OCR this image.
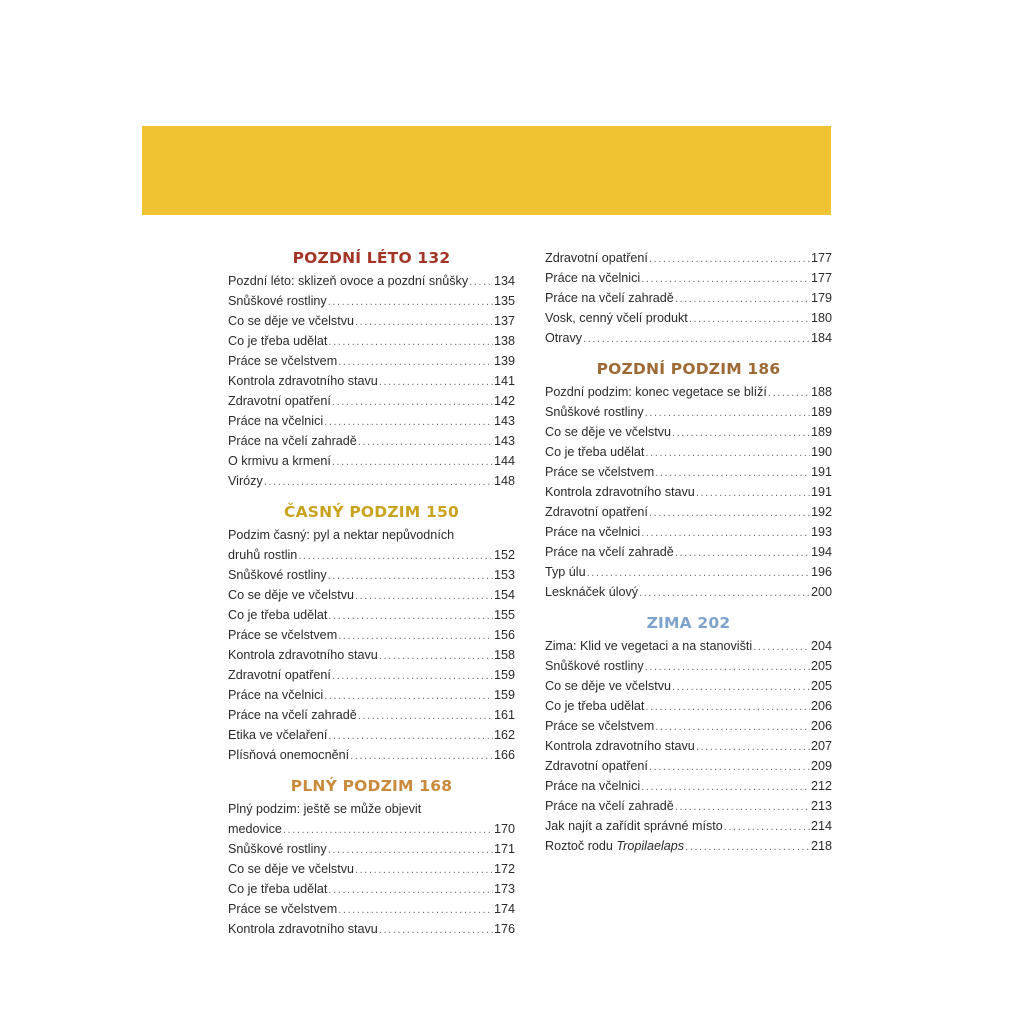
POZDNÍ LÉTO 132
Pozdní léto: sklizeň ovoce a pozdní snůšky ..... 134
Snůškové rostliny .....	135
Co se děje ve včelstvu .....	137
Co je třeba udělat .....	138
Práce se včelstvem .....	139
Kontrola zdravotního stavu .....	141
Zdravotní opatření .....	142
Práce na včelnici .....	143
Práce na včelí zahradě .....	143
O krmivu a krmení .....	144
Virózy .....	148
ČASNÝ PODZIM 150
Podzim časný: pyl a nektar nepůvodních
druhů rostlin .....	152
Snůškové rostliny .....	153
Co se děje ve včelstvu .....	154
Co je třeba udělat .....	155
Práce se včelstvem .....	156
Kontrola zdravotního stavu .....	158
Zdravotní opatření .....	159
Práce na včelnici .....	159
Práce na včelí zahradě .....	161
Etika ve včelaření .....	162
Plísňová onemocnění .....	166
PLNÝ PODZIM 168
Plný podzim: ještě se může objevit
medovice .....	170
Snůškové rostliny .....	171
Co se děje ve včelstvu .....	172
Co je třeba udělat .....	173
Práce se včelstvem .....	174
Kontrola zdravotního stavu .....	176
Zdravotní opatření .....	177
Práce na včelnici .....	177
Práce na včelí zahradě .....	179
Vosk, cenný včelí produkt .....	180
Otravy .....	184
POZDNÍ PODZIM 186
Pozdní podzim: konec vegetace se blíží .....	188
Snůškové rostliny .....	189
Co se děje ve včelstvu .....	189
Co je třeba udělat .....	190
Práce se včelstvem .....	191
Kontrola zdravotního stavu .....	191
Zdravotní opatření .....	192
Práce na včelnici .....	193
Práce na včelí zahradě .....	194
Typ úlu .....	196
Lesknáček úlový .....	200
ZIMA 202
Zima: Klid ve vegetaci a na stanovišti .....	204
Snůškové rostliny .....	205
Co se děje ve včelstvu .....	205
Co je třeba udělat .....	206
Práce se včelstvem .....	206
Kontrola zdravotního stavu .....	207
Zdravotní opatření .....	209
Práce na včelnici .....	212
Práce na včelí zahradě .....	213
Jak najít a zařídit správné místo .....	214
Roztoč rodu Tropilaelaps .....	218
